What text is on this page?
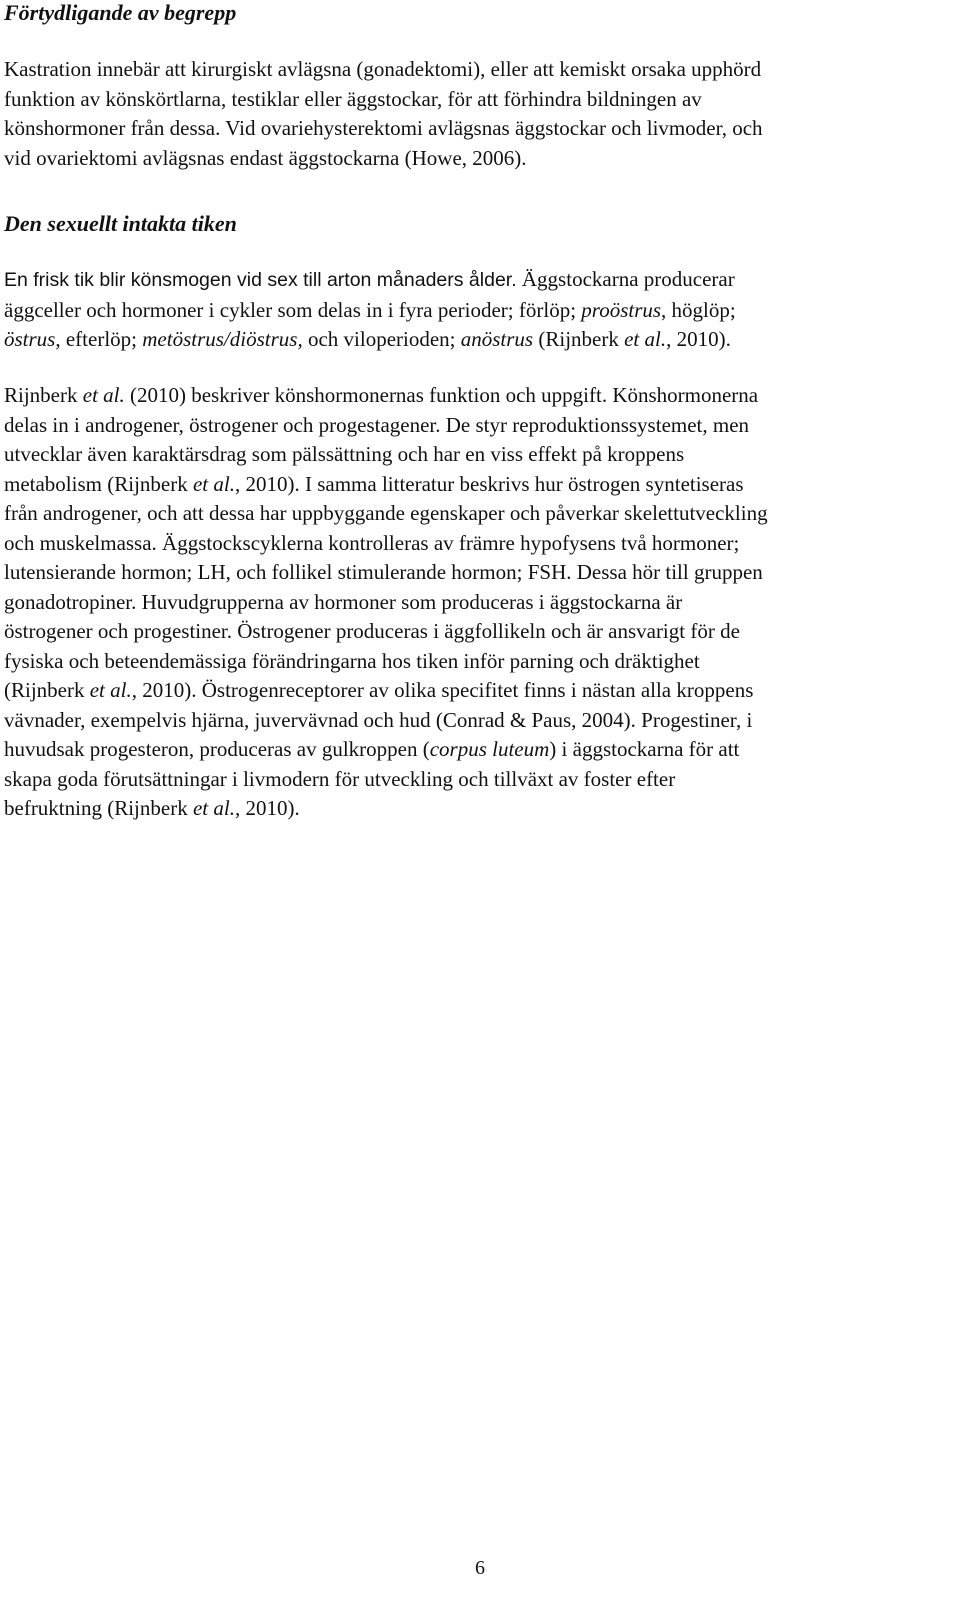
Förtydligande av begrepp

Kastration innebär att kirurgiskt avlägsna (gonadektomi), eller att kemiskt orsaka upphörd
funktion av könskörtlarna, testiklar eller äggstockar, för att förhindra bildningen av
könshormoner från dessa. Vid ovariehysterektomi avlägsnas äggstockar och livmoder, och
vid ovariektomi avlägsnas endast äggstockarna (Howe, 2006).

Den sexuellt intakta tiken

En frisk tik blir könsmogen vid sex till arton månaders ålder. Äggstockarna producerar
äggceller och hormoner i cykler som delas in i fyra perioder; förlöp; proöstrus, höglöp;
östrus, efterlöp; metöstrus/diöstrus, och viloperioden; anöstrus (Rijnberk et al., 2010).

Rijnberk et al. (2010) beskriver könshormonernas funktion och uppgift. Könshormonerna
delas in i androgener, östrogener och progestagener. De styr reproduktionssystemet, men
utvecklar även karaktärsdrag som pälssättning och har en viss effekt på kroppens
metabolism (Rijnberk et al., 2010). I samma litteratur beskrivs hur östrogen syntetiseras
från androgener, och att dessa har uppbyggande egenskaper och påverkar skelettutveckling
och muskelmassa. Äggstockscyklerna kontrolleras av främre hypofysens två hormoner;
lutensierande hormon; LH, och follikel stimulerande hormon; FSH. Dessa hör till gruppen
gonadotropiner. Huvudgrupperna av hormoner som produceras i äggstockarna är
östrogener och progestiner. Östrogener produceras i äggfollikeln och är ansvarigt för de
fysiska och beteendemässiga förändringarna hos tiken inför parning och dräktighet
(Rijnberk et al., 2010). Östrogenreceptorer av olika specifitet finns i nästan alla kroppens
vävnader, exempelvis hjärna, juvervävnad och hud (Conrad & Paus, 2004). Progestiner, i
huvudsak progesteron, produceras av gulkroppen (corpus luteum) i äggstockarna för att
skapa goda förutsättningar i livmodern för utveckling och tillväxt av foster efter
befruktning (Rijnberk et al., 2010).

6
